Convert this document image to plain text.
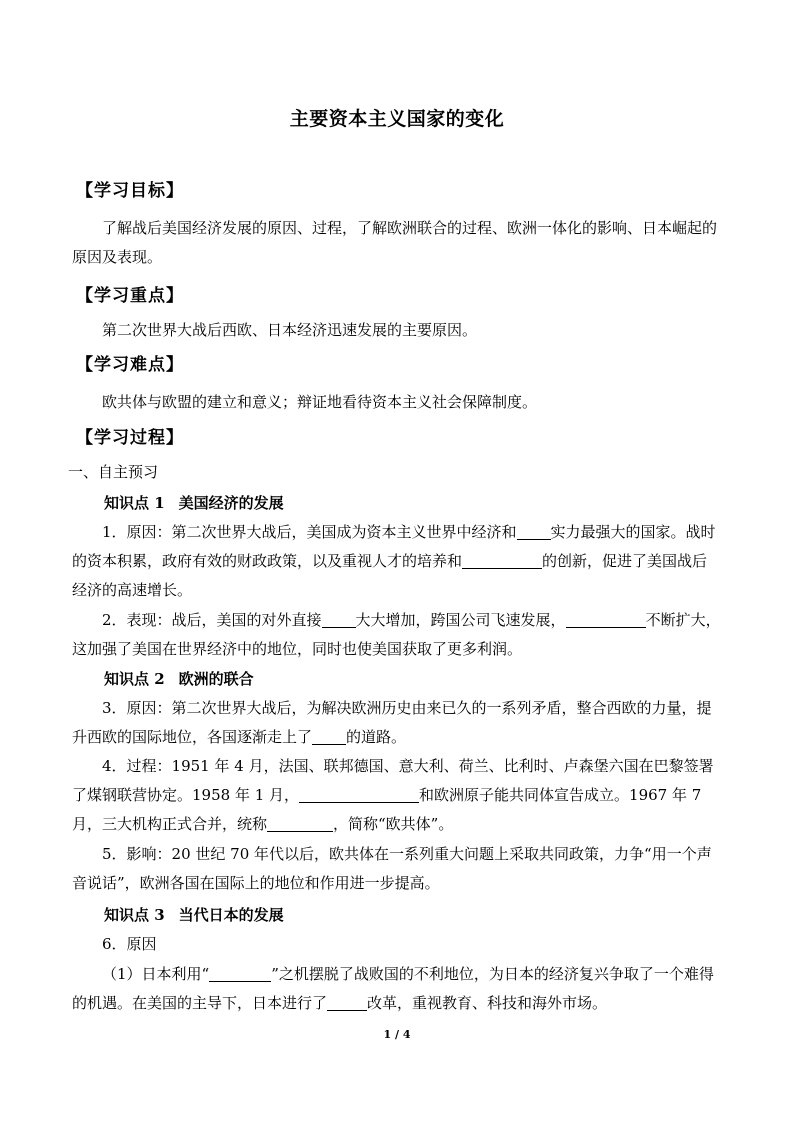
主要资本主义国家的变化
【学习目标】
了解战后美国经济发展的原因、过程，了解欧洲联合的过程、欧洲一体化的影响、日本崛起的原因及表现。
【学习重点】
第二次世界大战后西欧、日本经济迅速发展的主要原因。
【学习难点】
欧共体与欧盟的建立和意义；辩证地看待资本主义社会保障制度。
【学习过程】
一、自主预习
知识点 1 美国经济的发展
1．原因：第二次世界大战后，美国成为资本主义世界中经济和 实力最强大的国家。战时的资本积累，政府有效的财政政策，以及重视人才的培养和	的创新，促进了美国战后经济的高速增长。
2．表现：战后，美国的对外直接 大大增加，跨国公司飞速发展，	不断扩大，这加强了美国在世界经济中的地位，同时也使美国获取了更多利润。
知识点 2 欧洲的联合
3．原因：第二次世界大战后，为解决欧洲历史由来已久的一系列矛盾，整合西欧的力量，提升西欧的国际地位，各国逐渐走上了 的道路。
4．过程：1951 年 4 月，法国、联邦德国、意大利、荷兰、比利时、卢森堡六国在巴黎签署了煤钢联营协定。1958 年 1 月，	和欧洲原子能共同体宣告成立。1967 年 7 月，三大机构正式合并，统称	，简称“欧共体”。
5．影响：20 世纪 70 年代以后，欧共体在一系列重大问题上采取共同政策，力争“用一个声音说话”，欧洲各国在国际上的地位和作用进一步提高。
知识点 3 当代日本的发展
6．原因
（1）日本利用“	”之机摆脱了战败国的不利地位，为日本的经济复兴争取了一个难得的机遇。在美国的主导下，日本进行了	改革，重视教育、科技和海外市场。
1 / 4
